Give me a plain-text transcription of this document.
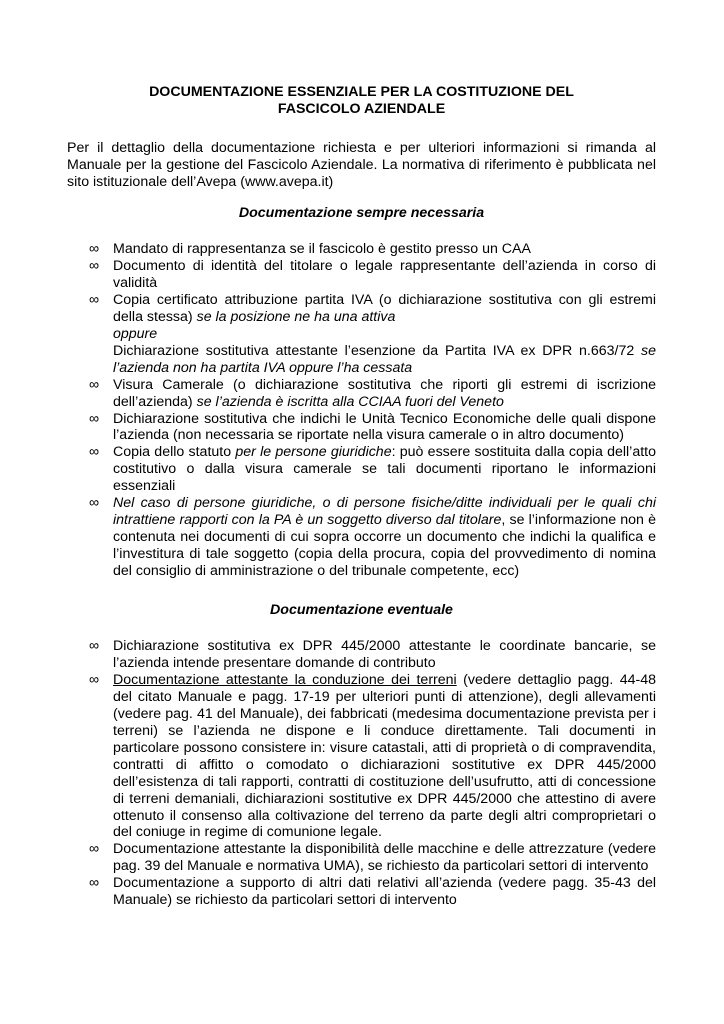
DOCUMENTAZIONE ESSENZIALE PER LA COSTITUZIONE DEL
FASCICOLO AZIENDALE

Per il dettaglio della documentazione richiesta e per ulteriori informazioni si rimanda al Manuale per la gestione del Fascicolo Aziendale. La normativa di riferimento è pubblicata nel sito istituzionale dell’Avepa (www.avepa.it)

Documentazione sempre necessaria

∞ Mandato di rappresentanza se il fascicolo è gestito presso un CAA
∞ Documento di identità del titolare o legale rappresentante dell’azienda in corso di validità
∞ Copia certificato attribuzione partita IVA (o dichiarazione sostitutiva con gli estremi della stessa) se la posizione ne ha una attiva
oppure
Dichiarazione sostitutiva attestante l’esenzione da Partita IVA ex DPR n.663/72 se l’azienda non ha partita IVA oppure l’ha cessata
∞ Visura Camerale (o dichiarazione sostitutiva che riporti gli estremi di iscrizione dell’azienda) se l’azienda è iscritta alla CCIAA fuori del Veneto
∞ Dichiarazione sostitutiva che indichi le Unità Tecnico Economiche delle quali dispone l’azienda (non necessaria se riportate nella visura camerale o in altro documento)
∞ Copia dello statuto per le persone giuridiche: può essere sostituita dalla copia dell’atto costitutivo o dalla visura camerale se tali documenti riportano le informazioni essenziali
∞ Nel caso di persone giuridiche, o di persone fisiche/ditte individuali per le quali chi intrattiene rapporti con la PA è un soggetto diverso dal titolare, se l’informazione non è contenuta nei documenti di cui sopra occorre un documento che indichi la qualifica e l’investitura di tale soggetto (copia della procura, copia del provvedimento di nomina del consiglio di amministrazione o del tribunale competente, ecc)

Documentazione eventuale

∞ Dichiarazione sostitutiva ex DPR 445/2000 attestante le coordinate bancarie, se l’azienda intende presentare domande di contributo
∞ Documentazione attestante la conduzione dei terreni (vedere dettaglio pagg. 44-48 del citato Manuale e pagg. 17-19 per ulteriori punti di attenzione), degli allevamenti (vedere pag. 41 del Manuale), dei fabbricati (medesima documentazione prevista per i terreni) se l’azienda ne dispone e li conduce direttamente. Tali documenti in particolare possono consistere in: visure catastali, atti di proprietà o di compravendita, contratti di affitto o comodato o dichiarazioni sostitutive ex DPR 445/2000 dell’esistenza di tali rapporti, contratti di costituzione dell’usufrutto, atti di concessione di terreni demaniali, dichiarazioni sostitutive ex DPR 445/2000 che attestino di avere ottenuto il consenso alla coltivazione del terreno da parte degli altri comproprietari o del coniuge in regime di comunione legale.
∞ Documentazione attestante la disponibilità delle macchine e delle attrezzature (vedere pag. 39 del Manuale e normativa UMA), se richiesto da particolari settori di intervento
∞ Documentazione a supporto di altri dati relativi all’azienda (vedere pagg. 35-43 del Manuale) se richiesto da particolari settori di intervento
